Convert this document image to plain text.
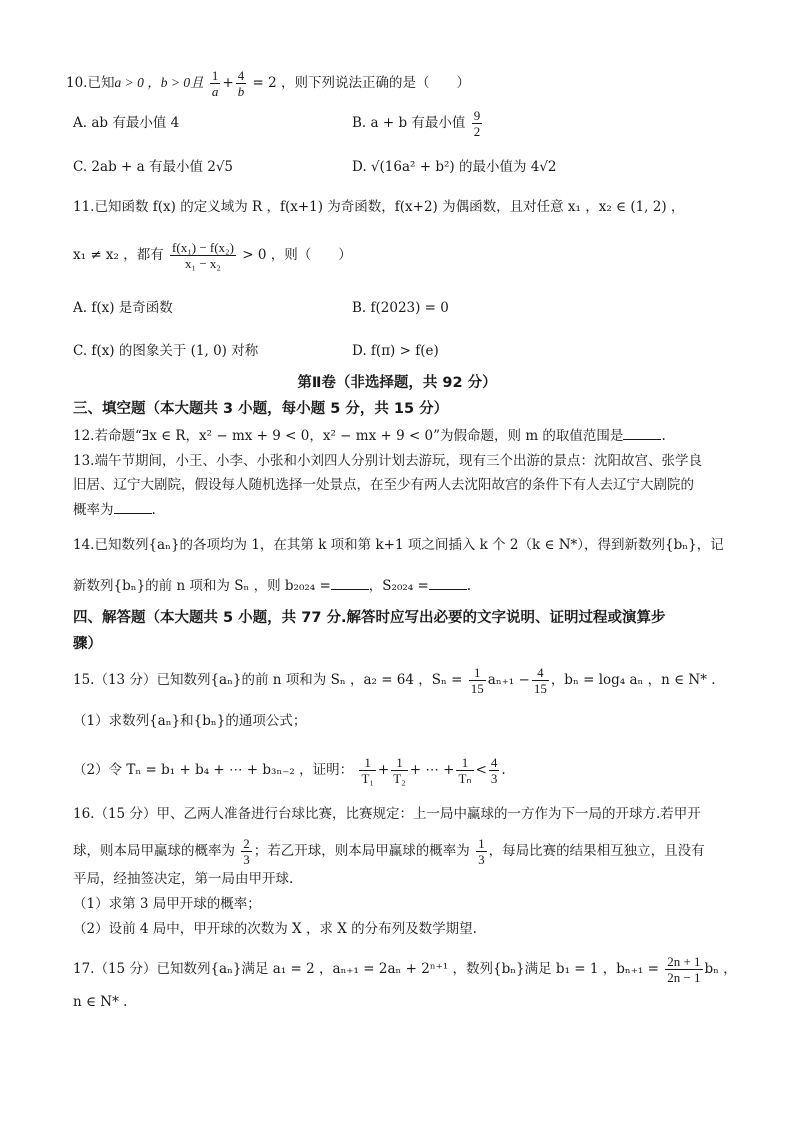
10.已知a > 0 ，b > 0且 $\frac{1}{a} + \frac{4}{b} = 2$ ，则下列说法正确的是（　　）
A. ab 有最小值 4	B. a + b 有最小值 $\frac{9}{2}$
C. 2ab + a 有最小值 2√5	D. √(16a² + b²) 的最小值为 4√2
11.已知函数 f(x) 的定义域为 R ，f(x+1) 为奇函数，f(x+2) 为偶函数，且对任意 x₁ ，x₂ ∈ (1, 2) ，
x₁ ≠ x₂ ，都有 $\frac{\text{f(x₁) − f(x₂)}}{\text{x₁ − x₂}} > 0$ ，则（　　）
A. f(x) 是奇函数	B. f(2023) = 0
C. f(x) 的图象关于 (1, 0) 对称	D. f(π) > f(e)
第Ⅱ卷（非选择题，共 92 分）
三、填空题（本大题共 3 小题，每小题 5 分，共 15 分）
12.若命题“∃x ∈ R，x² − mx + 9 < 0，x² − mx + 9 < 0”为假命题，则 m 的取值范围是	.
13.端午节期间，小王、小李、小张和小刘四人分别计划去游玩，现有三个出游的景点：沈阳故宫、张学良
旧居、辽宁大剧院，假设每人随机选择一处景点，在至少有两人去沈阳故宫的条件下有人去辽宁大剧院的
概率为	.
14.已知数列{aₙ}的各项均为 1，在其第 k 项和第 k+1 项之间插入 k 个 2（k ∈ N*），得到新数列{bₙ}，记
新数列{bₙ}的前 n 项和为 Sₙ ，则 b₂₀₂₄ =	，S₂₀₂₄ =	.
四、解答题（本大题共 5 小题，共 77 分.解答时应写出必要的文字说明、证明过程或演算步
骤）
15.（13 分）已知数列{aₙ}的前 n 项和为 Sₙ ，a₂ = 64 ，$S_n = \frac{1}{15} a_{n+1} - \frac{4}{15}$ ，bₙ = log₄ aₙ ，n ∈ N* .
（1）求数列{aₙ}和{bₙ}的通项公式；
（2）令 Tₙ = b₁ + b₄ + ⋯ + b₃ₙ₋₂ ，证明： $\frac{1}{\text{T₁}} + \frac{1}{\text{T₂}}$ + ⋯ + $\frac{1}{\text{Tₙ}} < \frac{4}{3}$ .
16.（15 分）甲、乙两人准备进行台球比赛，比赛规定：上一局中赢球的一方作为下一局的开球方.若甲开
球，则本局甲赢球的概率为 $\frac{2}{3}$ ；若乙开球，则本局甲赢球的概率为 $\frac{1}{3}$ ，每局比赛的结果相互独立，且没有
平局，经抽签决定，第一局由甲开球.
（1）求第 3 局甲开球的概率；
（2）设前 4 局中，甲开球的次数为 X ，求 X 的分布列及数学期望.
17.（15 分）已知数列{aₙ}满足 a₁ = 2 ，aₙ₊₁ = 2aₙ + 2ⁿ⁺¹ ，数列{bₙ}满足 b₁ = 1 ，$b_{n+1} = \frac{2n + 1}{2n - 1}$ bₙ ，
n ∈ N* .
